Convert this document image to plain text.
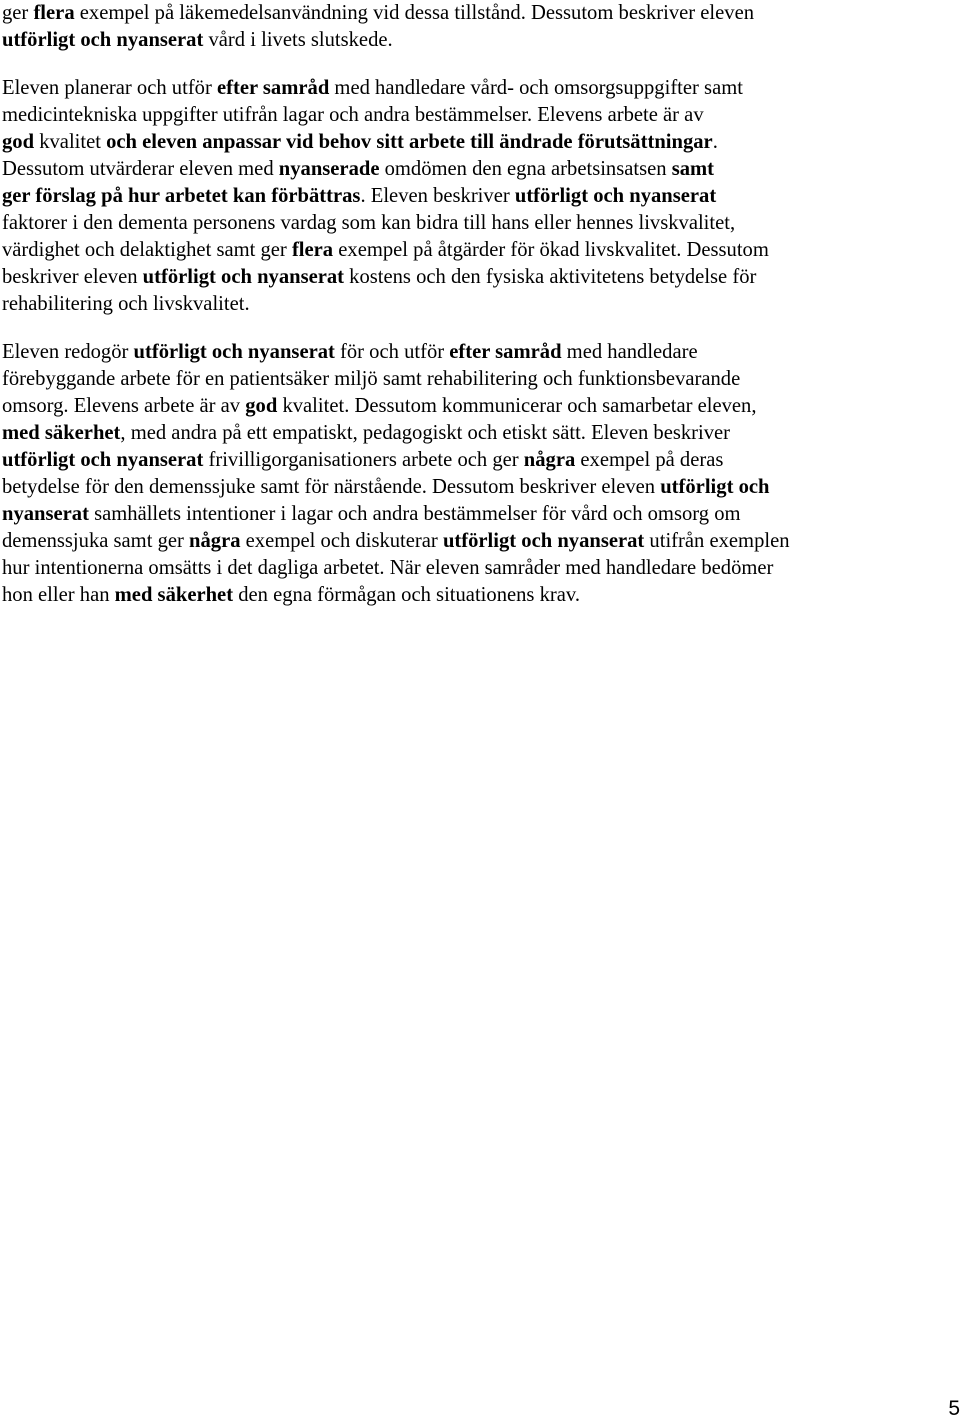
ger flera exempel på läkemedelsanvändning vid dessa tillstånd. Dessutom beskriver eleven
utförligt och nyanserat vård i livets slutskede.

Eleven planerar och utför efter samråd med handledare vård- och omsorgsuppgifter samt
medicintekniska uppgifter utifrån lagar och andra bestämmelser. Elevens arbete är av
god kvalitet och eleven anpassar vid behov sitt arbete till ändrade förutsättningar.
Dessutom utvärderar eleven med nyanserade omdömen den egna arbetsinsatsen samt
ger förslag på hur arbetet kan förbättras. Eleven beskriver utförligt och nyanserat
faktorer i den dementa personens vardag som kan bidra till hans eller hennes livskvalitet,
värdighet och delaktighet samt ger flera exempel på åtgärder för ökad livskvalitet. Dessutom
beskriver eleven utförligt och nyanserat kostens och den fysiska aktivitetens betydelse för
rehabilitering och livskvalitet.

Eleven redogör utförligt och nyanserat för och utför efter samråd med handledare
förebyggande arbete för en patientsäker miljö samt rehabilitering och funktionsbevarande
omsorg. Elevens arbete är av god kvalitet. Dessutom kommunicerar och samarbetar eleven,
med säkerhet, med andra på ett empatiskt, pedagogiskt och etiskt sätt. Eleven beskriver
utförligt och nyanserat frivilligorganisationers arbete och ger några exempel på deras
betydelse för den demenssjuke samt för närstående. Dessutom beskriver eleven utförligt och
nyanserat samhällets intentioner i lagar och andra bestämmelser för vård och omsorg om
demenssjuka samt ger några exempel och diskuterar utförligt och nyanserat utifrån exemplen
hur intentionerna omsätts i det dagliga arbetet. När eleven samråder med handledare bedömer
hon eller han med säkerhet den egna förmågan och situationens krav.

5
